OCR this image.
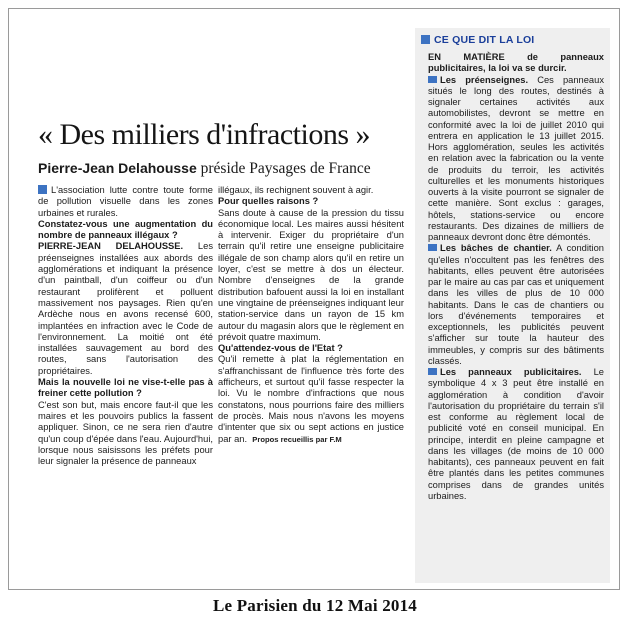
« Des milliers d'infractions »
Pierre-Jean Delahousse préside Paysages de France

L'association lutte contre toute forme de pollution visuelle dans les zones urbaines et rurales.

Constatez-vous une augmentation du nombre de panneaux illégaux ?

PIERRE-JEAN DELAHOUSSE. Les préenseignes installées aux abords des agglomérations et indiquant la présence d'un paintball, d'un coiffeur ou d'un restaurant prolifèrent et polluent massivement nos paysages. Rien qu'en Ardèche nous en avons recensé 600, implantées en infraction avec le Code de l'environnement. La moitié ont été installées sauvagement au bord des routes, sans l'autorisation des propriétaires.

Mais la nouvelle loi ne vise-t-elle pas à freiner cette pollution ?

C'est son but, mais encore faut-il que les maires et les pouvoirs publics la fassent appliquer. Sinon, ce ne sera rien d'autre qu'un coup d'épée dans l'eau. Aujourd'hui, lorsque nous saisissons les préfets pour leur signaler la présence de panneaux

illégaux, ils rechignent souvent à agir.

Pour quelles raisons ?

Sans doute à cause de la pression du tissu économique local. Les maires aussi hésitent à intervenir. Exiger du propriétaire d'un terrain qu'il retire une enseigne publicitaire illégale de son champ alors qu'il en retire un loyer, c'est se mettre à dos un électeur. Nombre d'enseignes de la grande distribution bafouent aussi la loi en installant une vingtaine de préenseignes indiquant leur station-service dans un rayon de 15 km autour du magasin alors que le règlement en prévoit quatre maximum.

Qu'attendez-vous de l'Etat ?

Qu'il remette à plat la réglementation en s'affranchissant de l'influence très forte des afficheurs, et surtout qu'il fasse respecter la loi. Vu le nombre d'infractions que nous constatons, nous pourrions faire des milliers de procès. Mais nous n'avons les moyens d'intenter que six ou sept actions en justice par an. Propos recueillis par F.M

CE QUE DIT LA LOI

EN MATIÈRE de panneaux publicitaires, la loi va se durcir.

Les préenseignes. Ces panneaux situés le long des routes, destinés à signaler certaines activités aux automobilistes, devront se mettre en conformité avec la loi de juillet 2010 qui entrera en application le 13 juillet 2015. Hors agglomération, seules les activités en relation avec la fabrication ou la vente de produits du terroir, les activités culturelles et les monuments historiques ouverts à la visite pourront se signaler de cette manière. Sont exclus : garages, hôtels, stations-service ou encore restaurants. Des dizaines de milliers de panneaux devront donc être démontés.

Les bâches de chantier. A condition qu'elles n'occultent pas les fenêtres des habitants, elles peuvent être autorisées par le maire au cas par cas et uniquement dans les villes de plus de 10 000 habitants. Dans le cas de chantiers ou lors d'événements temporaires et exceptionnels, les publicités peuvent s'afficher sur toute la hauteur des immeubles, y compris sur des bâtiments classés.

Les panneaux publicitaires. Le symbolique 4 x 3 peut être installé en agglomération à condition d'avoir l'autorisation du propriétaire du terrain s'il est conforme au règlement local de publicité voté en conseil municipal. En principe, interdit en pleine campagne et dans les villages (de moins de 10 000 habitants), ces panneaux peuvent en fait être plantés dans les petites communes comprises dans de grandes unités urbaines.

Le Parisien du 12 Mai 2014
